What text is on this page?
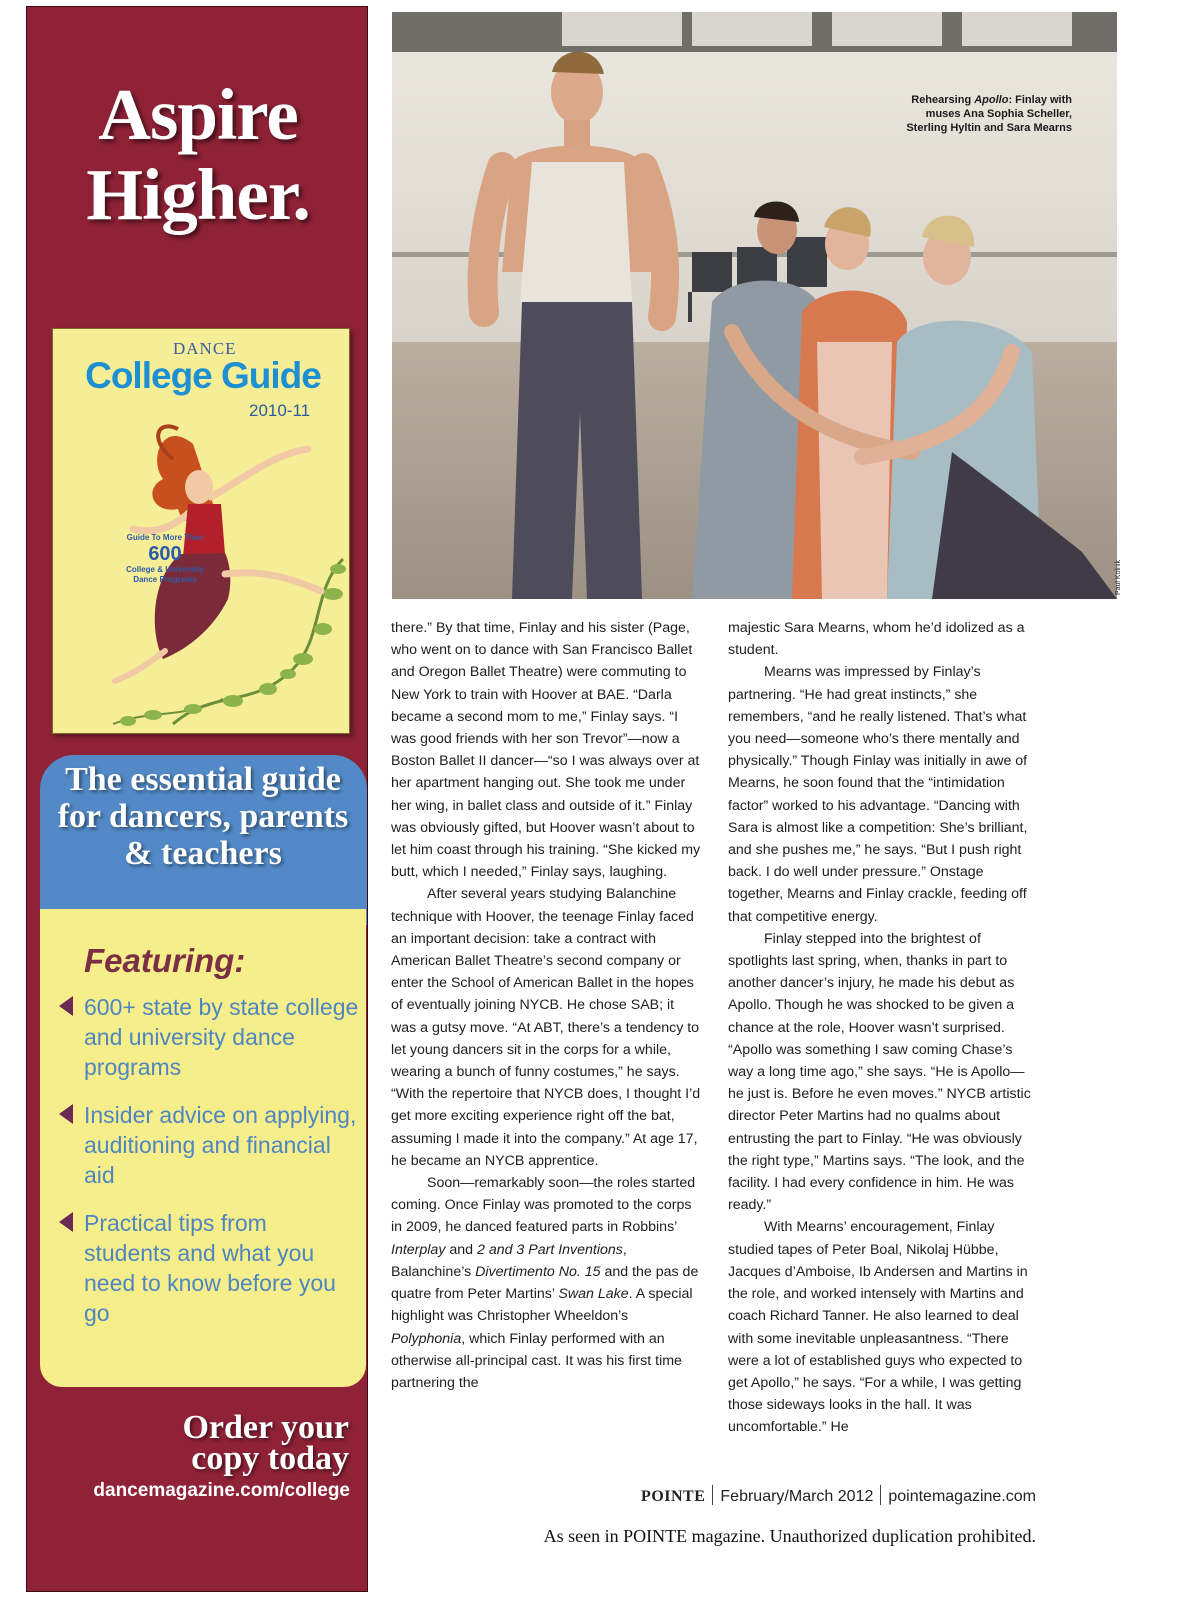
Aspire
Higher.
DANCE
College Guide
2010-11
Guide To More Than
600
College & University Dance Programs
The essential guide for dancers, parents & teachers
Featuring:
600+ state by state college and university dance programs
Insider advice on applying, auditioning and financial aid
Practical tips from students and what you need to know before you go
Order your
copy today
dancemagazine.com/college
Rehearsing Apollo: Finlay with muses Ana Sophia Scheller, Sterling Hyltin and Sara Mearns
Paul Kolnik

there.” By that time, Finlay and his sister (Page, who went on to dance with San Francisco Ballet and Oregon Ballet Theatre) were commuting to New York to train with Hoover at BAE. “Darla became a second mom to me,” Finlay says. “I was good friends with her son Trevor”—now a Boston Ballet II dancer—“so I was always over at her apartment hanging out. She took me under her wing, in ballet class and outside of it.” Finlay was obviously gifted, but Hoover wasn’t about to let him coast through his training. “She kicked my butt, which I needed,” Finlay says, laughing.

After several years studying Balanchine technique with Hoover, the teenage Finlay faced an important decision: take a contract with American Ballet Theatre’s second company or enter the School of American Ballet in the hopes of eventually joining NYCB. He chose SAB; it was a gutsy move. “At ABT, there’s a tendency to let young dancers sit in the corps for a while, wearing a bunch of funny costumes,” he says. “With the repertoire that NYCB does, I thought I’d get more exciting experience right off the bat, assuming I made it into the company.” At age 17, he became an NYCB apprentice.

Soon—remarkably soon—the roles started coming. Once Finlay was promoted to the corps in 2009, he danced featured parts in Robbins’ Interplay and 2 and 3 Part Inventions, Balanchine’s Divertimento No. 15 and the pas de quatre from Peter Martins’ Swan Lake. A special highlight was Christopher Wheeldon’s Polyphonia, which Finlay performed with an otherwise all-principal cast. It was his first time partnering the

majestic Sara Mearns, whom he’d idolized as a student.

Mearns was impressed by Finlay’s partnering. “He had great instincts,” she remembers, “and he really listened. That’s what you need—someone who’s there mentally and physically.” Though Finlay was initially in awe of Mearns, he soon found that the “intimidation factor” worked to his advantage. “Dancing with Sara is almost like a competition: She’s brilliant, and she pushes me,” he says. “But I push right back. I do well under pressure.” Onstage together, Mearns and Finlay crackle, feeding off that competitive energy.

Finlay stepped into the brightest of spotlights last spring, when, thanks in part to another dancer’s injury, he made his debut as Apollo. Though he was shocked to be given a chance at the role, Hoover wasn’t surprised. “Apollo was something I saw coming Chase’s way a long time ago,” she says. “He is Apollo—he just is. Before he even moves.” NYCB artistic director Peter Martins had no qualms about entrusting the part to Finlay. “He was obviously the right type,” Martins says. “The look, and the facility. I had every confidence in him. He was ready.”

With Mearns’ encouragement, Finlay studied tapes of Peter Boal, Nikolaj Hübbe, Jacques d’Amboise, Ib Andersen and Martins in the role, and worked intensely with Martins and coach Richard Tanner. He also learned to deal with some inevitable unpleasantness. “There were a lot of established guys who expected to get Apollo,” he says. “For a while, I was getting those sideways looks in the hall. It was uncomfortable.” He

POINTE February/March 2012 pointemagazine.com
As seen in POINTE magazine. Unauthorized duplication prohibited.
